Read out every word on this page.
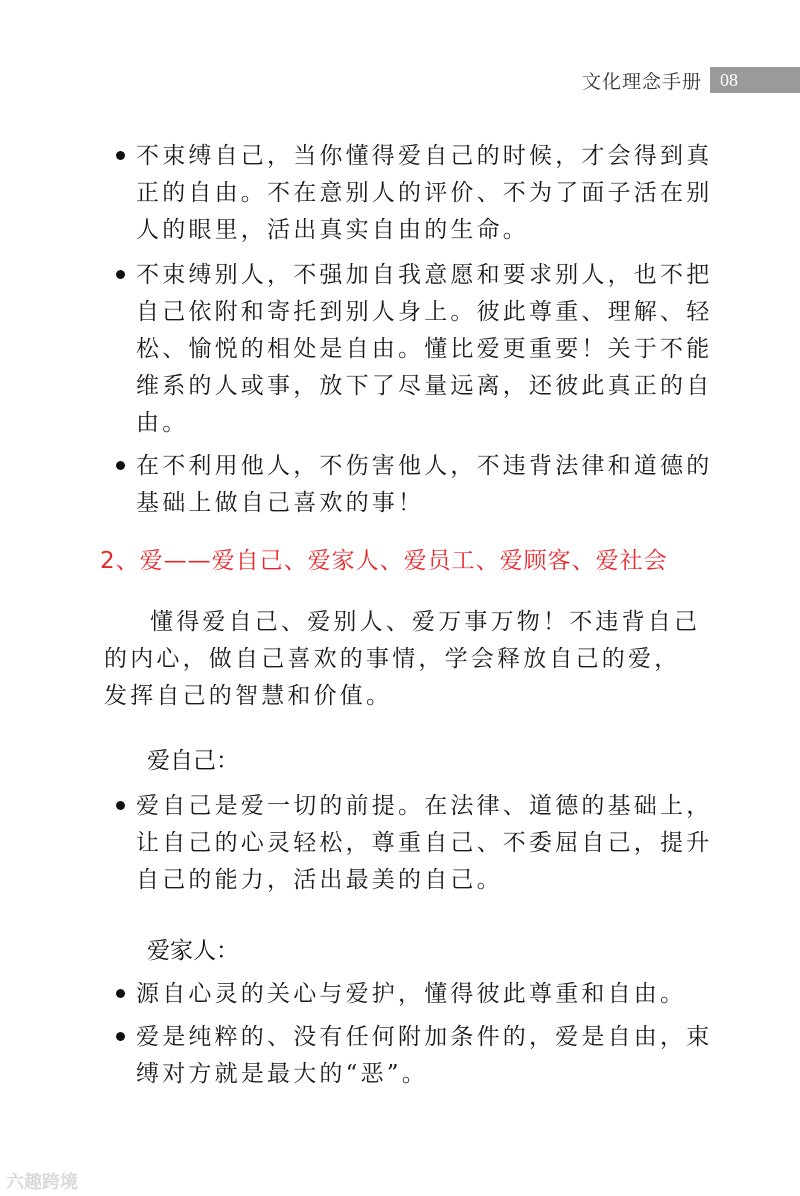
文化理念手册	08
不束缚自己，当你懂得爱自己的时候，才会得到真正的自由。不在意别人的评价、不为了面子活在别人的眼里，活出真实自由的生命。
不束缚别人，不强加自我意愿和要求别人，也不把自己依附和寄托到别人身上。彼此尊重、理解、轻松、愉悦的相处是自由。懂比爱更重要！关于不能维系的人或事，放下了尽量远离，还彼此真正的自由。
在不利用他人，不伤害他人，不违背法律和道德的基础上做自己喜欢的事！
2、爱——爱自己、爱家人、爱员工、爱顾客、爱社会
懂得爱自己、爱别人、爱万事万物！不违背自己的内心，做自己喜欢的事情，学会释放自己的爱，发挥自己的智慧和价值。
爱自己：
爱自己是爱一切的前提。在法律、道德的基础上，让自己的心灵轻松，尊重自己、不委屈自己，提升自己的能力，活出最美的自己。
爱家人：
源自心灵的关心与爱护，懂得彼此尊重和自由。
爱是纯粹的、没有任何附加条件的，爱是自由，束缚对方就是最大的“恶”。
六趣跨境
